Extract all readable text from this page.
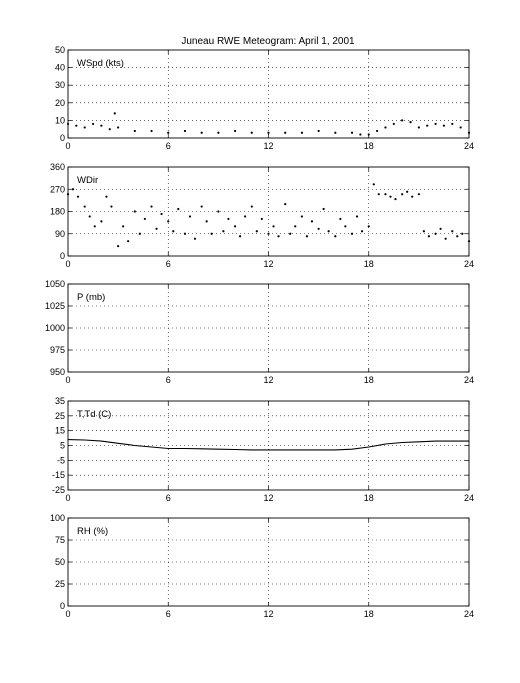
Juneau RWE Meteogram: April 1, 2001
50
40
30
20
10
0
0	6	12	18	24
WSpd (kts)
360
270
180
90
0
0	6	12	18	24
WDir
1050
1025
1000
975
950
0	6	12	18	24
P (mb)
35
25
15
5
-5
-15
-25
0	6	12	18	24
T,Td (C)
100
75
50
25
0
0	6	12	18	24
RH (%)
